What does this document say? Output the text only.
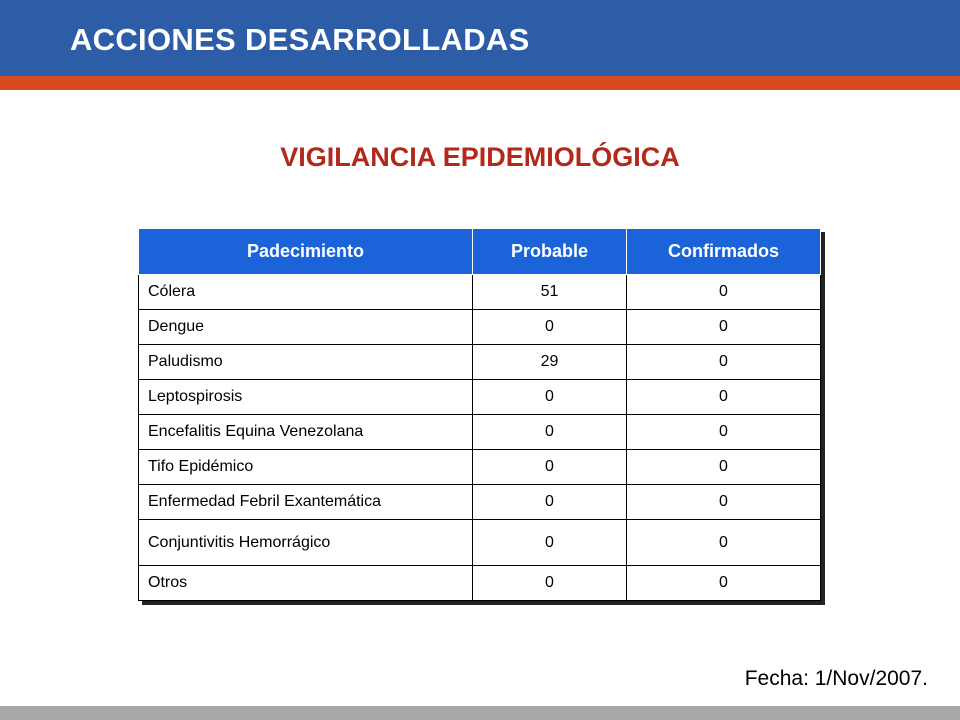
ACCIONES DESARROLLADAS
VIGILANCIA EPIDEMIOLÓGICA
Padecimiento	Probable	Confirmados
Cólera	51	0
Dengue	0	0
Paludismo	29	0
Leptospirosis	0	0
Encefalitis Equina Venezolana	0	0
Tifo Epidémico	0	0
Enfermedad Febril Exantemática	0	0
Conjuntivitis Hemorrágico	0	0
Otros	0	0
Fecha: 1/Nov/2007.
